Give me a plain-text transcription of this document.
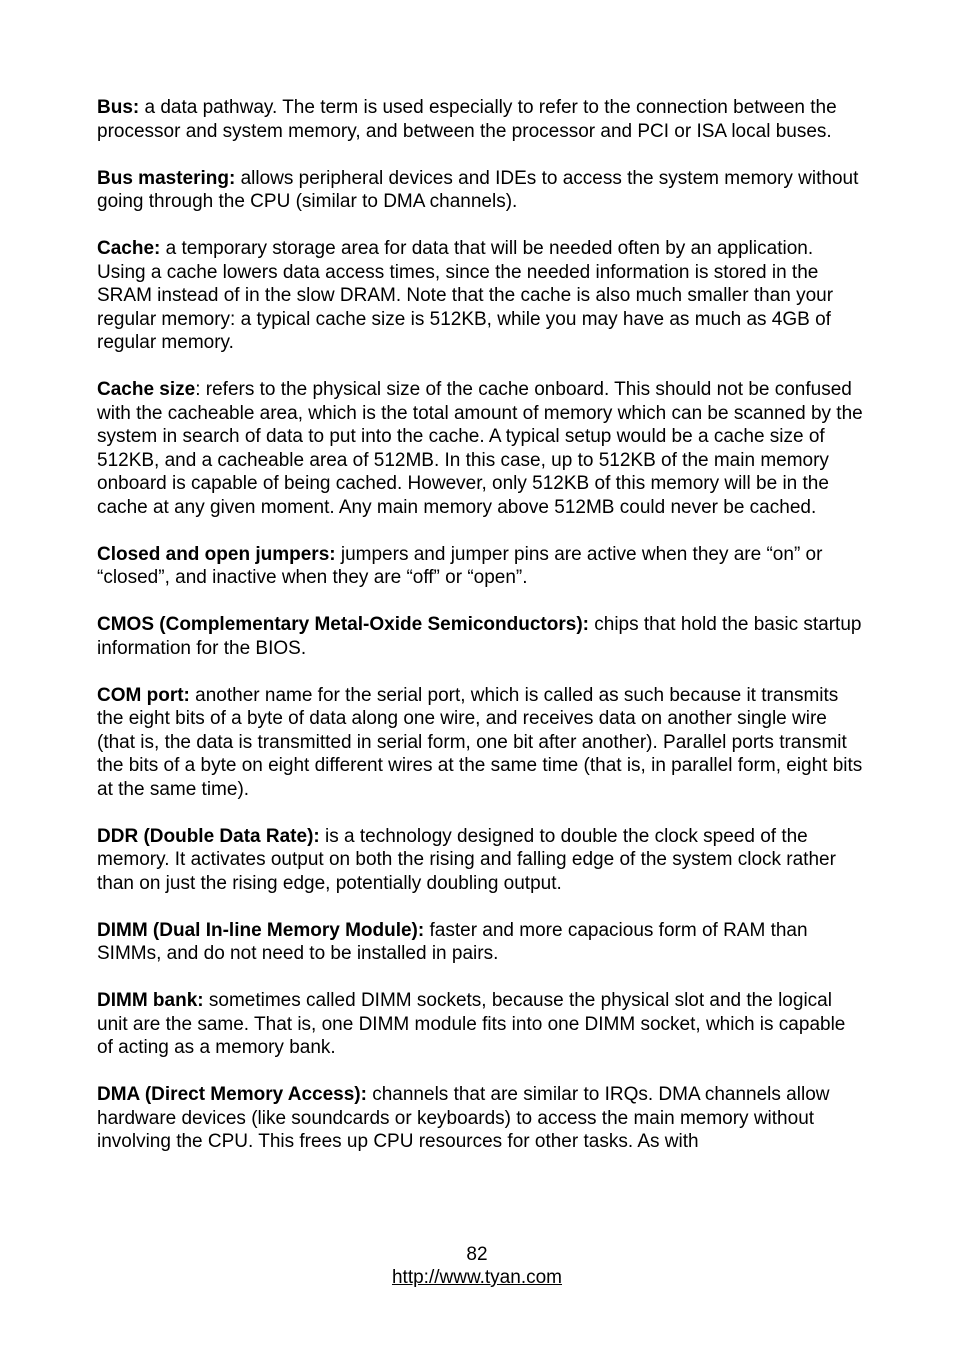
Bus: a data pathway. The term is used especially to refer to the connection between the processor and system memory, and between the processor and PCI or ISA local buses.

Bus mastering: allows peripheral devices and IDEs to access the system memory without going through the CPU (similar to DMA channels).

Cache: a temporary storage area for data that will be needed often by an application. Using a cache lowers data access times, since the needed information is stored in the SRAM instead of in the slow DRAM. Note that the cache is also much smaller than your regular memory: a typical cache size is 512KB, while you may have as much as 4GB of regular memory.

Cache size: refers to the physical size of the cache onboard. This should not be confused with the cacheable area, which is the total amount of memory which can be scanned by the system in search of data to put into the cache. A typical setup would be a cache size of 512KB, and a cacheable area of 512MB. In this case, up to 512KB of the main memory onboard is capable of being cached. However, only 512KB of this memory will be in the cache at any given moment. Any main memory above 512MB could never be cached.

Closed and open jumpers: jumpers and jumper pins are active when they are “on” or “closed”, and inactive when they are “off” or “open”.

CMOS (Complementary Metal-Oxide Semiconductors): chips that hold the basic startup information for the BIOS.

COM port: another name for the serial port, which is called as such because it transmits the eight bits of a byte of data along one wire, and receives data on another single wire (that is, the data is transmitted in serial form, one bit after another). Parallel ports transmit the bits of a byte on eight different wires at the same time (that is, in parallel form, eight bits at the same time).

DDR (Double Data Rate): is a technology designed to double the clock speed of the memory. It activates output on both the rising and falling edge of the system clock rather than on just the rising edge, potentially doubling output.

DIMM (Dual In-line Memory Module): faster and more capacious form of RAM than SIMMs, and do not need to be installed in pairs.

DIMM bank: sometimes called DIMM sockets, because the physical slot and the logical unit are the same. That is, one DIMM module fits into one DIMM socket, which is capable of acting as a memory bank.

DMA (Direct Memory Access): channels that are similar to IRQs. DMA channels allow hardware devices (like soundcards or keyboards) to access the main memory without involving the CPU. This frees up CPU resources for other tasks. As with

82
http://www.tyan.com
